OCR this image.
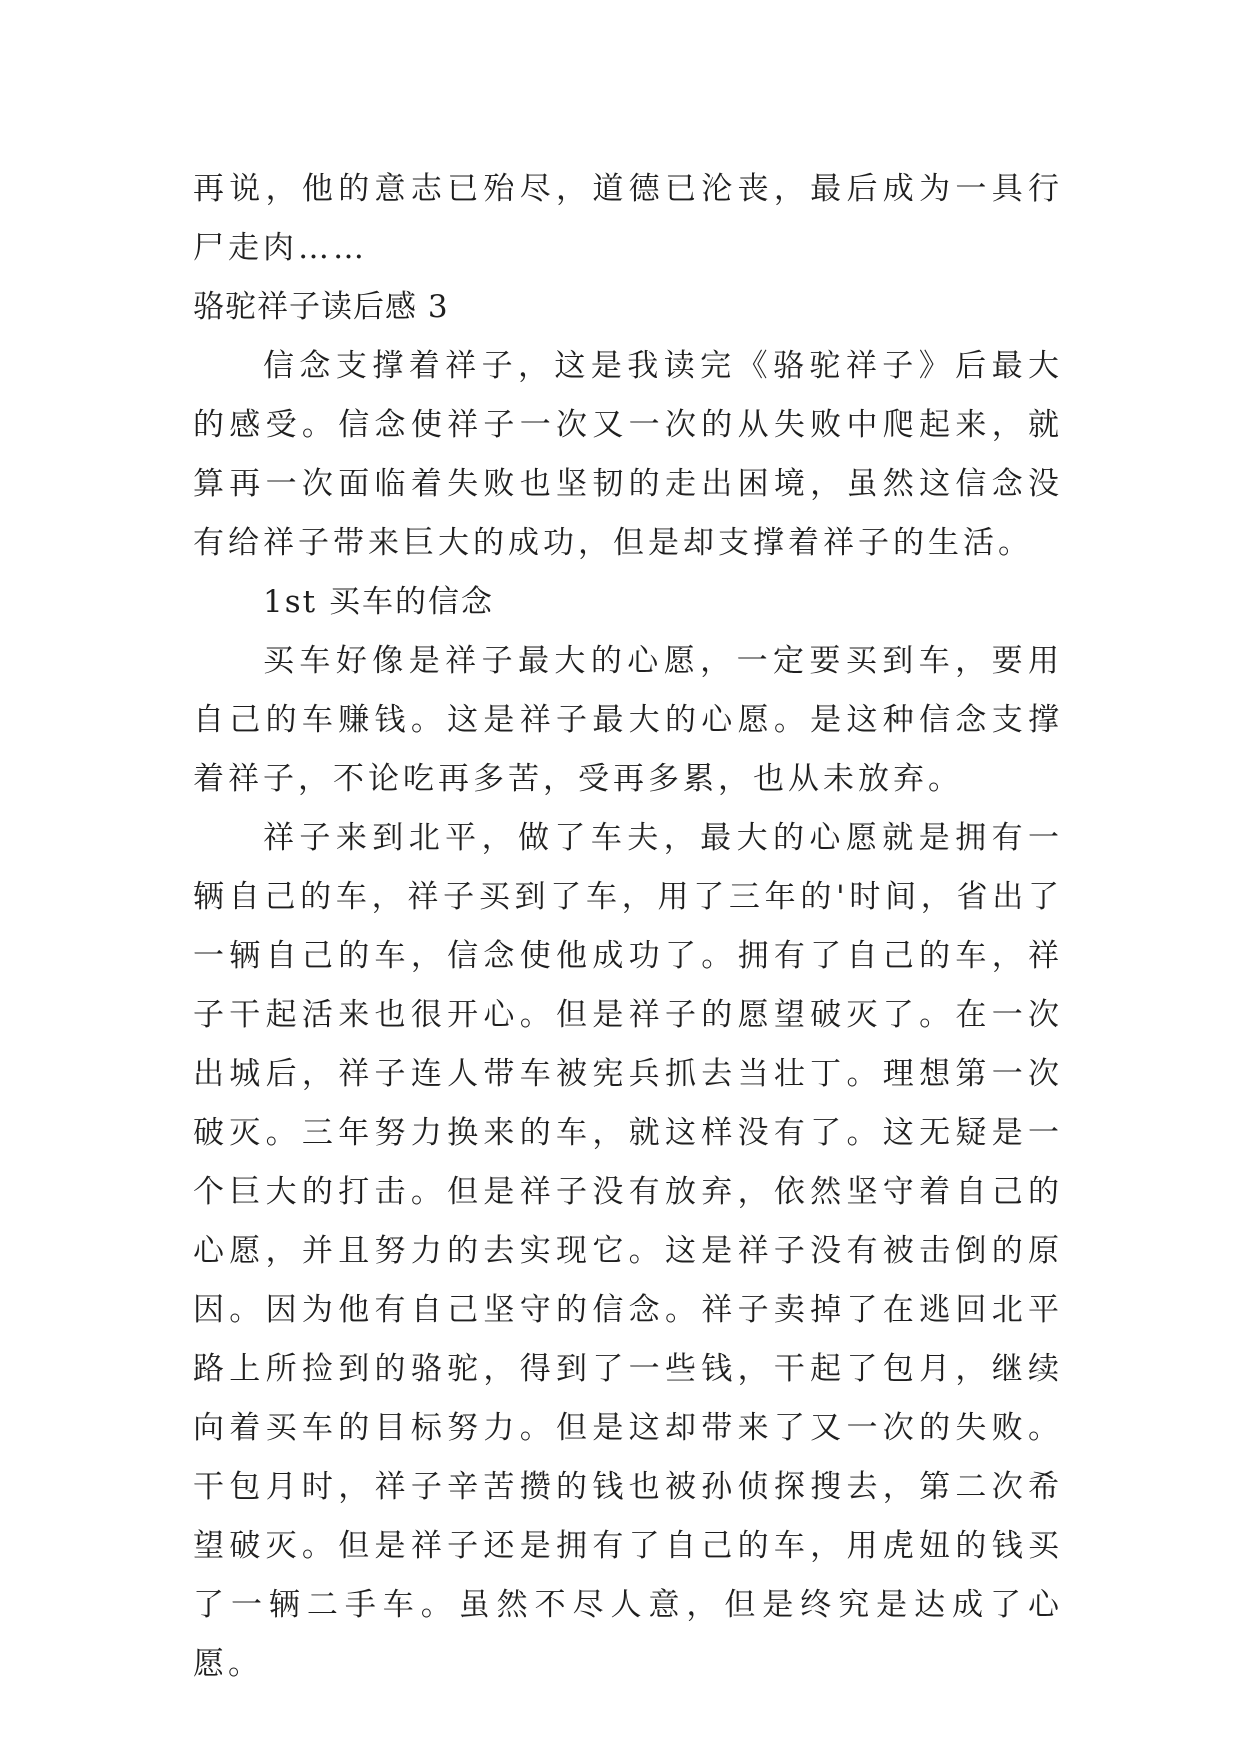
再说，他的意志已殆尽，道德已沦丧，最后成为一具行尸走肉……

骆驼祥子读后感 3

信念支撑着祥子，这是我读完《骆驼祥子》后最大的感受。信念使祥子一次又一次的从失败中爬起来，就算再一次面临着失败也坚韧的走出困境，虽然这信念没有给祥子带来巨大的成功，但是却支撑着祥子的生活。

1st 买车的信念

买车好像是祥子最大的心愿，一定要买到车，要用自己的车赚钱。这是祥子最大的心愿。是这种信念支撑着祥子，不论吃再多苦，受再多累，也从未放弃。

祥子来到北平，做了车夫，最大的心愿就是拥有一辆自己的车，祥子买到了车，用了三年的'时间，省出了一辆自己的车，信念使他成功了。拥有了自己的车，祥子干起活来也很开心。但是祥子的愿望破灭了。在一次出城后，祥子连人带车被宪兵抓去当壮丁。理想第一次破灭。三年努力换来的车，就这样没有了。这无疑是一个巨大的打击。但是祥子没有放弃，依然坚守着自己的心愿，并且努力的去实现它。这是祥子没有被击倒的原因。因为他有自己坚守的信念。祥子卖掉了在逃回北平路上所捡到的骆驼，得到了一些钱，干起了包月，继续向着买车的目标努力。但是这却带来了又一次的失败。干包月时，祥子辛苦攒的钱也被孙侦探搜去，第二次希望破灭。但是祥子还是拥有了自己的车，用虎妞的钱买了一辆二手车。虽然不尽人意，但是终究是达成了心愿。
